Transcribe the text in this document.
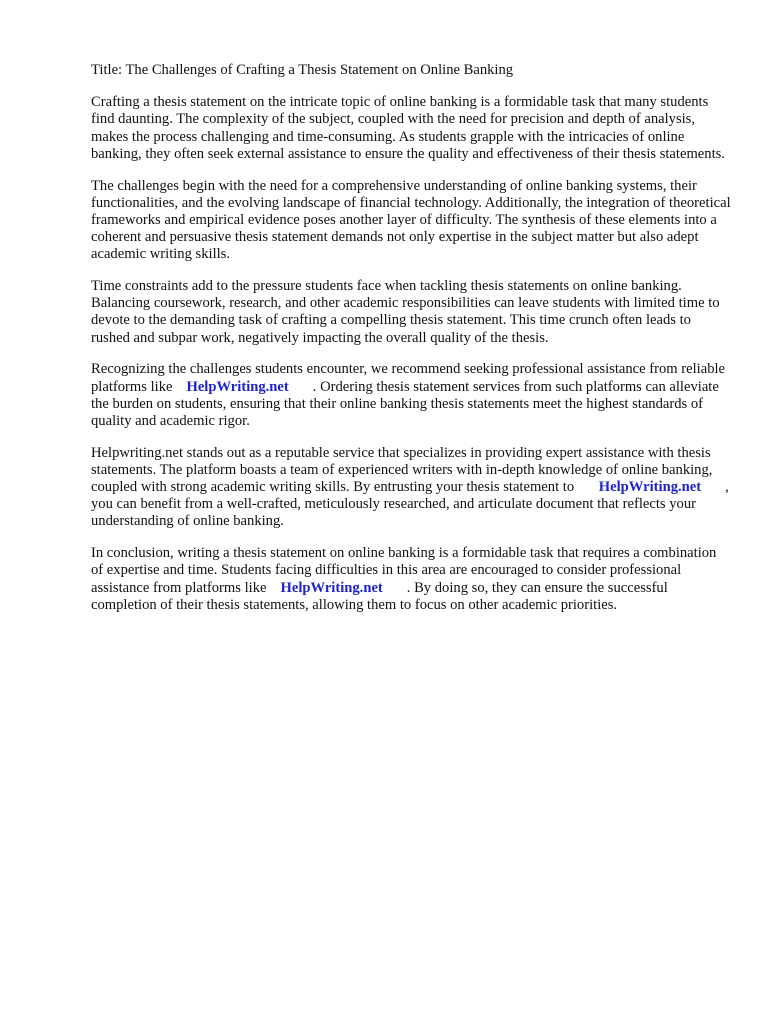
Title: The Challenges of Crafting a Thesis Statement on Online Banking

Crafting a thesis statement on the intricate topic of online banking is a formidable task that many students find daunting. The complexity of the subject, coupled with the need for precision and depth of analysis, makes the process challenging and time-consuming. As students grapple with the intricacies of online banking, they often seek external assistance to ensure the quality and effectiveness of their thesis statements.

The challenges begin with the need for a comprehensive understanding of online banking systems, their functionalities, and the evolving landscape of financial technology. Additionally, the integration of theoretical frameworks and empirical evidence poses another layer of difficulty. The synthesis of these elements into a coherent and persuasive thesis statement demands not only expertise in the subject matter but also adept academic writing skills.

Time constraints add to the pressure students face when tackling thesis statements on online banking. Balancing coursework, research, and other academic responsibilities can leave students with limited time to devote to the demanding task of crafting a compelling thesis statement. This time crunch often leads to rushed and subpar work, negatively impacting the overall quality of the thesis.

Recognizing the challenges students encounter, we recommend seeking professional assistance from reliable platforms like HelpWriting.net . Ordering thesis statement services from such platforms can alleviate the burden on students, ensuring that their online banking thesis statements meet the highest standards of quality and academic rigor.

Helpwriting.net stands out as a reputable service that specializes in providing expert assistance with thesis statements. The platform boasts a team of experienced writers with in-depth knowledge of online banking, coupled with strong academic writing skills. By entrusting your thesis statement to HelpWriting.net , you can benefit from a well-crafted, meticulously researched, and articulate document that reflects your understanding of online banking.

In conclusion, writing a thesis statement on online banking is a formidable task that requires a combination of expertise and time. Students facing difficulties in this area are encouraged to consider professional assistance from platforms like HelpWriting.net . By doing so, they can ensure the successful completion of their thesis statements, allowing them to focus on other academic priorities.
